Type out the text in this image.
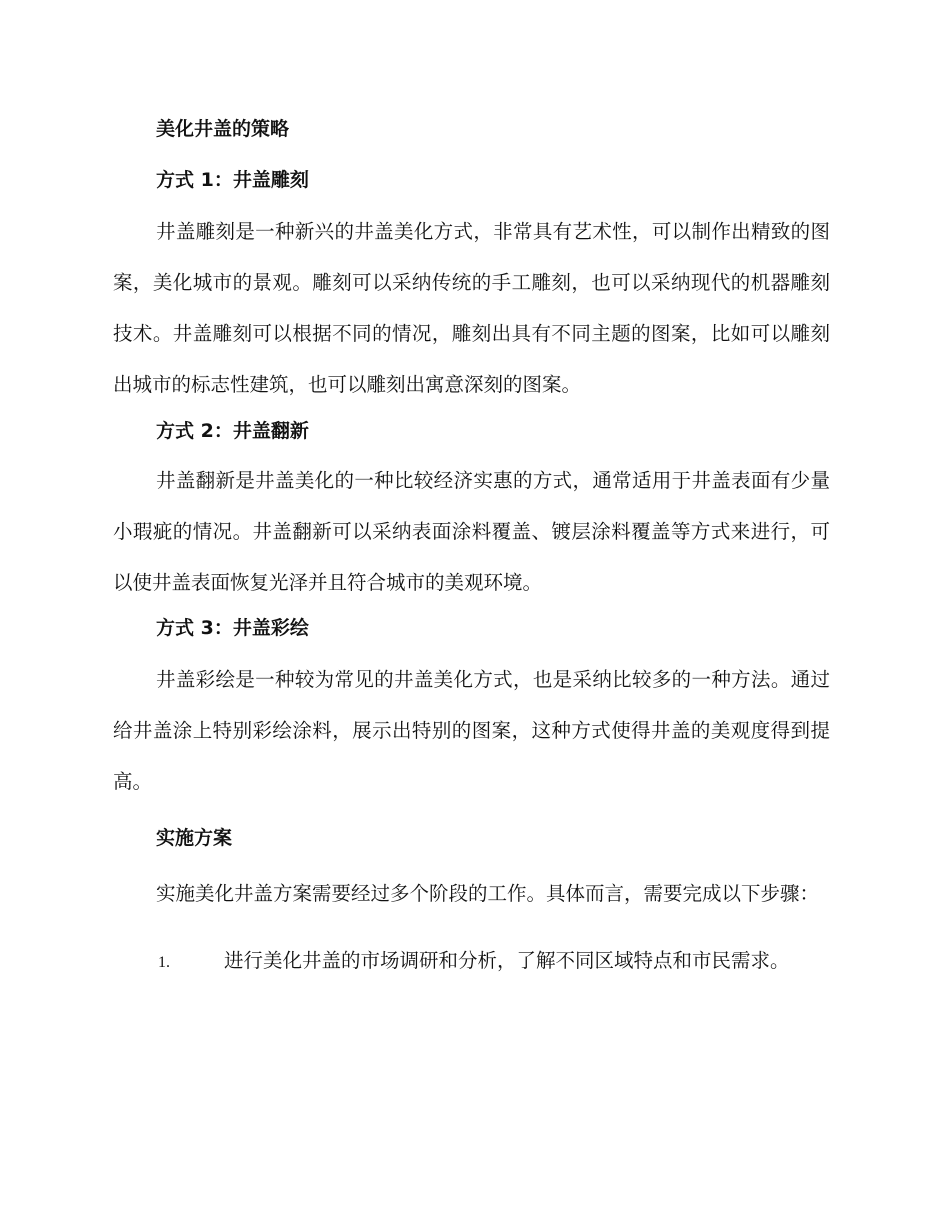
美化井盖的策略

方式 1：井盖雕刻

井盖雕刻是一种新兴的井盖美化方式，非常具有艺术性，可以制作出精致的图案，美化城市的景观。雕刻可以采纳传统的手工雕刻，也可以采纳现代的机器雕刻技术。井盖雕刻可以根据不同的情况，雕刻出具有不同主题的图案，比如可以雕刻出城市的标志性建筑，也可以雕刻出寓意深刻的图案。

方式 2：井盖翻新

井盖翻新是井盖美化的一种比较经济实惠的方式，通常适用于井盖表面有少量小瑕疵的情况。井盖翻新可以采纳表面涂料覆盖、镀层涂料覆盖等方式来进行，可以使井盖表面恢复光泽并且符合城市的美观环境。

方式 3：井盖彩绘

井盖彩绘是一种较为常见的井盖美化方式，也是采纳比较多的一种方法。通过给井盖涂上特别彩绘涂料，展示出特别的图案，这种方式使得井盖的美观度得到提高。

实施方案

实施美化井盖方案需要经过多个阶段的工作。具体而言，需要完成以下步骤：

1.	进行美化井盖的市场调研和分析，了解不同区域特点和市民需求。
